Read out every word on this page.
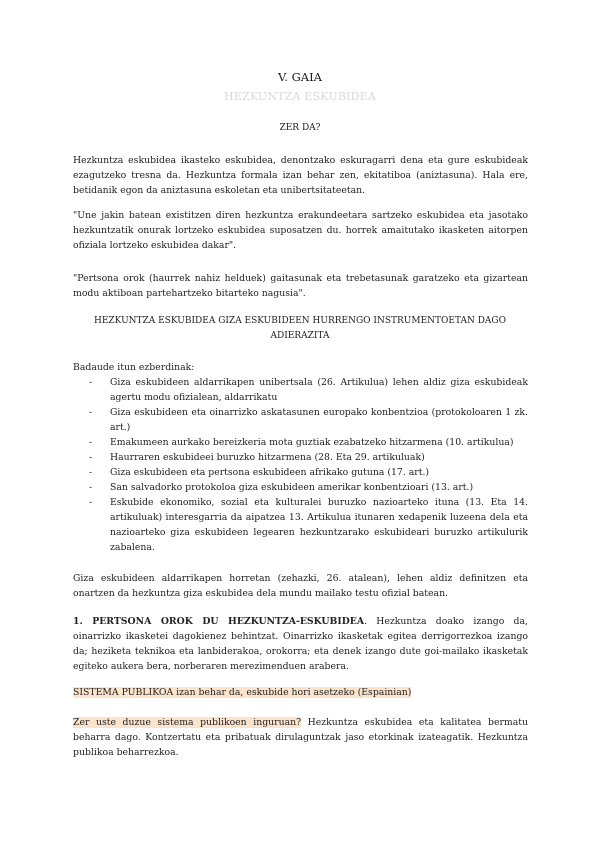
V. GAIA
HEZKUNTZA ESKUBIDEA
ZER DA?
Hezkuntza eskubidea ikasteko eskubidea, denontzako eskuragarri dena eta gure eskubideak ezagutzeko tresna da. Hezkuntza formala izan behar zen, ekitatiboa (aniztasuna). Hala ere, betidanik egon da aniztasuna eskoletan eta unibertsitateetan.
"Une jakin batean existitzen diren hezkuntza erakundeetara sartzeko eskubidea eta jasotako hezkuntzatik onurak lortzeko eskubidea suposatzen du. horrek amaitutako ikasketen aitorpen ofiziala lortzeko eskubidea dakar".
"Pertsona orok (haurrek nahiz helduek) gaitasunak eta trebetasunak garatzeko eta gizartean modu aktiboan partehartzeko bitarteko nagusia".
HEZKUNTZA ESKUBIDEA GIZA ESKUBIDEEN HURRENGO INSTRUMENTOETAN DAGO
ADIERAZITA
Badaude itun ezberdinak:
- Giza eskubideen aldarrikapen unibertsala (26. Artikulua) lehen aldiz giza eskubideak agertu modu ofizialean, aldarrikatu
- Giza eskubideen eta oinarrizko askatasunen europako konbentzioa (protokoloaren 1 zk. art.)
- Emakumeen aurkako bereizkeria mota guztiak ezabatzeko hitzarmena (10. artikulua)
- Haurraren eskubideei buruzko hitzarmena (28. Eta 29. artikuluak)
- Giza eskubideen eta pertsona eskubideen afrikako gutuna (17. art.)
- San salvadorko protokoloa giza eskubideen amerikar konbentzioari (13. art.)
- Eskubide ekonomiko, sozial eta kulturalei buruzko nazioarteko ituna (13. Eta 14. artikuluak) interesgarria da aipatzea 13. Artikulua itunaren xedapenik luzeena dela eta nazioarteko giza eskubideen legearen hezkuntzarako eskubideari buruzko artikulurik zabalena.
Giza eskubideen aldarrikapen horretan (zehazki, 26. atalean), lehen aldiz definitzen eta onartzen da hezkuntza giza eskubidea dela mundu mailako testu ofizial batean.
1. PERTSONA OROK DU HEZKUNTZA-ESKUBIDEA. Hezkuntza doako izango da, oinarrizko ikasketei dagokienez behintzat. Oinarrizko ikasketak egitea derrigorrezkoa izango da; heziketa teknikoa eta lanbiderakoa, orokorra; eta denek izango dute goi-mailako ikasketak egiteko aukera bera, norberaren merezimenduen arabera.
SISTEMA PUBLIKOA izan behar da, eskubide hori asetzeko (Espainian)
Zer uste duzue sistema publikoen inguruan? Hezkuntza eskubidea eta kalitatea bermatu beharra dago. Kontzertatu eta pribatuak dirulaguntzak jaso etorkinak izateagatik. Hezkuntza publikoa beharrezkoa.
